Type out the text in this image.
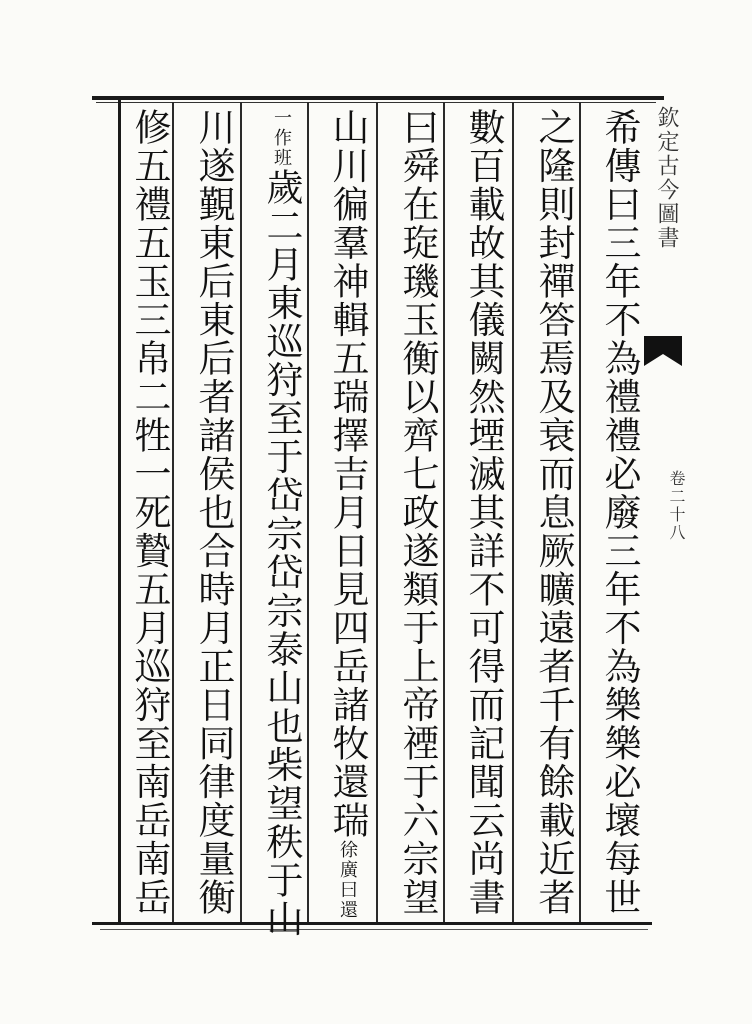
欽定古今圖書
卷二十八
希傳曰三年不為禮禮必廢三年不為樂樂必壞每世
之隆則封禪答焉及衰而息厥曠遠者千有餘載近者
數百載故其儀闕然堙滅其詳不可得而記聞云尚書
曰舜在琁璣玉衡以齊七政遂類于上帝禋于六宗望
山川徧羣神輯五瑞擇吉月日見四岳諸牧還瑞徐廣曰還
一作班歲二月東巡狩至于岱宗岱宗泰山也柴望秩于山
川遂覲東后東后者諸侯也合時月正日同律度量衡
修五禮五玉三帛二牲一死贄五月巡狩至南岳南岳
